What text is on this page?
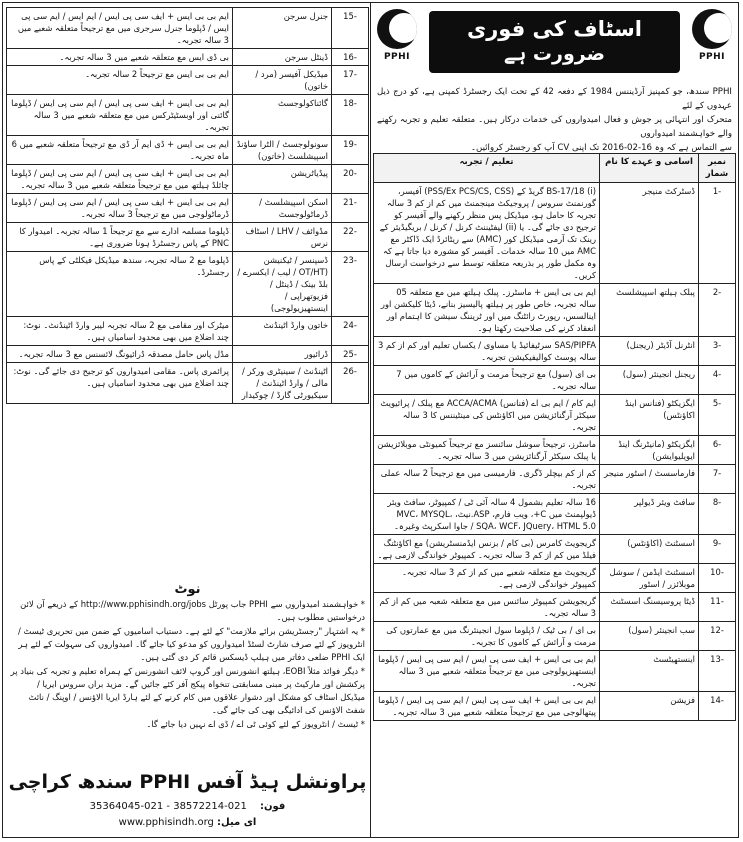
PPHI
اسٹاف کی فوری
ضرورت ہے
PPHI
PPHI سندھ، جو کمپنیز آرڈیننس 1984 کے دفعہ 42 کے تحت ایک رجسٹرڈ کمپنی ہے، کو درج ذیل عہدوں کے لئے
متحرک اور انتہائی پر جوش و فعال امیدواروں کی خدمات درکار ہیں۔ متعلقہ تعلیم و تجربہ رکھنے والے خواہشمند امیدواروں
سے التماس ہے کہ وہ 16-02-2016 تک اپنی CV آپ کو رجسٹر کروائیں۔
نمبر شمار	اسامی و عہدے کا نام	تعلیم / تجربہ
-1	ڈسٹرکٹ منیجر	(i) BS-17/18 گریڈ کے (PSS/Ex PCS/CS, CSS) آفیسر، گورنمنٹ سروس / پروجیکٹ مینجمنٹ میں کم از کم 3 سالہ تجربہ کا حامل ہو، میڈیکل پس منظر رکھنے والے آفیسر کو ترجیح دی جائے گی۔ یا (ii) لیفٹیننٹ کرنل / کرنل / بریگیڈیئر کے رینک تک آرمی میڈیکل کور (AMC) سے ریٹائرڈ ایک ڈاکٹر مع AMC میں 10 سالہ خدمات۔ آفیسر کو مشورہ دیا جاتا ہے کہ وہ مکمل طور پر بذریعہ متعلقہ توسط سے درخواست ارسال کریں۔
-2	پبلک ہیلتھ اسپیشلسٹ	ایم بی بی ایس + ماسٹرز۔ پبلک ہیلتھ میں مع متعلقہ 05 سالہ تجربہ، خاص طور پر ہیلتھ پالیسیز بنانے، ڈیٹا کلیکشن اور اینالسس، رپورٹ رائٹنگ میں اور ٹریننگ سیشن کا اہتمام اور انعقاد کرنے کی صلاحیت رکھتا ہو۔
-3	انٹرنل آڈیٹر (ریجنل)	SAS/PIPFA سرٹیفائیڈ یا مساوی / یکساں تعلیم اور کم از کم 3 سالہ پوسٹ کوالیفیکیشن تجربہ۔
-4	ریجنل انجینئر (سول)	بی ای (سول) مع ترجیحاً مرمت و آرائش کے کاموں میں 7 سالہ تجربہ۔
-5	ایگزیکٹو (فنانس اینڈ اکاؤنٹس)	ایم کام / ایم بی اے (فنانس) ACCA/ACMA مع پبلک / پرائیویٹ سیکٹر آرگنائزیشن میں اکاؤنٹس کی مینٹیننس کا 3 سالہ تجربہ۔
-6	ایگزیکٹو (مانیٹرنگ اینڈ ایویلیوایشن)	ماسٹرز، ترجیحاً سوشل سائنسز مع ترجیحاً کمیونٹی موبلائزیشن یا پبلک سیکٹر آرگنائزیشن میں 3 سالہ تجربہ۔
-7	فارماسسٹ / اسٹور منیجر	کم از کم بیچلر ڈگری۔ فارمیسی میں مع ترجیحاً 2 سالہ عملی تجربہ۔
-8	سافٹ ویئر ڈیولپر	16 سالہ تعلیم بشمول 4 سالہ آئی ٹی / کمپیوٹر، سافٹ ویئر ڈیولپمنٹ میں C+، ویب فارم، ASP.نیٹ، MVC، MYSQL، SQA، WCF، JQuery، HTML 5.0 / جاوا اسکرپٹ وغیرہ۔
-9	اسسٹنٹ (اکاؤنٹس)	گریجویٹ کامرس (بی کام / بزنس ایڈمنسٹریشن) مع اکاؤنٹنگ فیلڈ میں کم از کم 3 سالہ تجربہ۔ کمپیوٹر خواندگی لازمی ہے۔
-10	اسسٹنٹ ایڈمن / سوشل موبلائزر / اسٹور	گریجویٹ مع متعلقہ شعبے میں کم از کم 3 سالہ تجربہ۔ کمپیوٹر خواندگی لازمی ہے۔
-11	ڈیٹا پروسیسنگ اسسٹنٹ	گریجویشن کمپیوٹر سائنس میں مع متعلقہ شعبہ میں کم از کم 3 سالہ تجربہ۔
-12	سب انجینئر (سول)	بی ای / بی ٹیک / ڈپلوما سول انجینئرنگ میں مع عمارتوں کی مرمت و آرائش کے کاموں کا تجربہ۔
-13	اینستھیٹسٹ	ایم بی بی ایس + ایف سی پی ایس / ایم سی پی ایس / ڈپلوما اینستھیزیولوجی میں مع ترجیحاً متعلقہ شعبے میں 3 سالہ تجربہ۔
-14	فزیشن	ایم بی بی ایس + ایف سی پی ایس / ایم سی پی ایس / ڈپلوما پیتھالوجی میں مع ترجیحاً متعلقہ شعبے میں 3 سالہ تجربہ۔
-15	جنرل سرجن	ایم بی بی ایس + ایف سی پی ایس / ایم ایس / ایم سی پی ایس / ڈپلوما جنرل سرجری میں مع ترجیحاً متعلقہ شعبے میں 3 سالہ تجربہ۔
-16	ڈینٹل سرجن	بی ڈی ایس مع متعلقہ شعبے میں 3 سالہ تجربہ۔
-17	میڈیکل آفیسر (مرد / خاتون)	ایم بی بی ایس مع ترجیحاً 2 سالہ تجربہ۔
-18	گائناکولوجسٹ	ایم بی بی ایس + ایف سی پی ایس / ایم سی پی ایس / ڈپلوما گائنی اور اوبسٹیٹرکس میں مع متعلقہ شعبے میں 3 سالہ تجربہ۔
-19	سونولوجسٹ / الٹرا ساؤنڈ اسپیشلسٹ (خاتون)	ایم بی بی ایس + ڈی ایم آر ڈی مع ترجیحاً متعلقہ شعبے میں 6 ماہ تجربہ۔
-20	پیڈیاٹریشن	ایم بی بی ایس + ایف سی پی ایس / ایم سی پی ایس / ڈپلوما چائلڈ ہیلتھ میں مع ترجیحاً متعلقہ شعبے میں 3 سالہ تجربہ۔
-21	اسکن اسپیشلسٹ / ڈرماٹولوجسٹ	ایم بی بی ایس + ایف سی پی ایس / ایم سی پی ایس / ڈپلوما ڈرماٹولوجی میں مع ترجیحاً 3 سالہ تجربہ۔
-22	مڈوائف / LHV / اسٹاف نرس	ڈپلوما مسلمہ ادارے سے مع ترجیحاً 1 سالہ تجربہ۔ امیدوار کا PNC کے پاس رجسٹرڈ ہونا ضروری ہے۔
-23	ڈسپنسر / ٹیکنیشن (OT/HT / لیب / ایکسرے / بلڈ بینک / ڈینٹل / فزیوتھراپی / اینستھیزیولوجی)	ڈپلوما مع 2 سالہ تجربہ، سندھ میڈیکل فیکلٹی کے پاس رجسٹرڈ۔
-24	خاتون وارڈ اٹینڈنٹ	میٹرک اور مقامی مع 2 سالہ تجربہ لیبر وارڈ اٹینڈنٹ۔ نوٹ: چند اضلاع میں بھی محدود اسامیاں ہیں۔
-25	ڈرائیور	مڈل پاس حامل مصدقہ ڈرائیونگ لائسنس مع 3 سالہ تجربہ۔
-26	اٹینڈنٹ / سینیٹری ورکر / مالی / وارڈ اٹینڈنٹ / سیکیورٹی گارڈ / چوکیدار	پرائمری پاس۔ مقامی امیدواروں کو ترجیح دی جائے گی۔ نوٹ: چند اضلاع میں بھی محدود اسامیاں ہیں۔
نوٹ

* خواہشمند امیدواروں سے PPHI جاب پورٹل http://www.pphisindh.org/jobs کے ذریعے آن لائن درخواستیں مطلوب ہیں۔

* یہ اشتہار "رجسٹریشن برائے ملازمت" کے لئے ہے۔ دستیاب اسامیوں کے ضمن میں تحریری ٹیسٹ / انٹرویوز کے لئے صرف شارٹ لسٹڈ امیدواروں کو مدعو کیا جائے گا۔ امیدواروں کی سہولت کے لئے ہر ایک PPHI ضلعی دفاتر میں ہیلپ ڈیسکس قائم کر دی گئی ہیں۔

* دیگر فوائد مثلاً EOBI، ہیلتھ انشورنس اور گروپ لائف انشورنس کے ہمراہ تعلیم و تجربہ کی بنیاد پر پرکشش اور مارکیٹ پر مبنی مسابقتی تنخواہ پیکج آفر کئے جائیں گے۔ مزید براں سروس ایریا / میڈیکل اسٹاف کو مشکل اور دشوار علاقوں میں کام کرنے کے لئے ہارڈ ایریا الاؤنس / اوپنگ / نائٹ شفٹ الاؤنس کی ادائیگی بھی کی جائے گی۔

* ٹیسٹ / انٹرویوز کے لئے کوئی ٹی اے / ڈی اے نہیں دیا جائے گا۔

پراونشل ہیڈ آفس PPHI سندھ کراچی
فون: 021-38572214 - 021-35364045
ای میل: www.pphisindh.org
